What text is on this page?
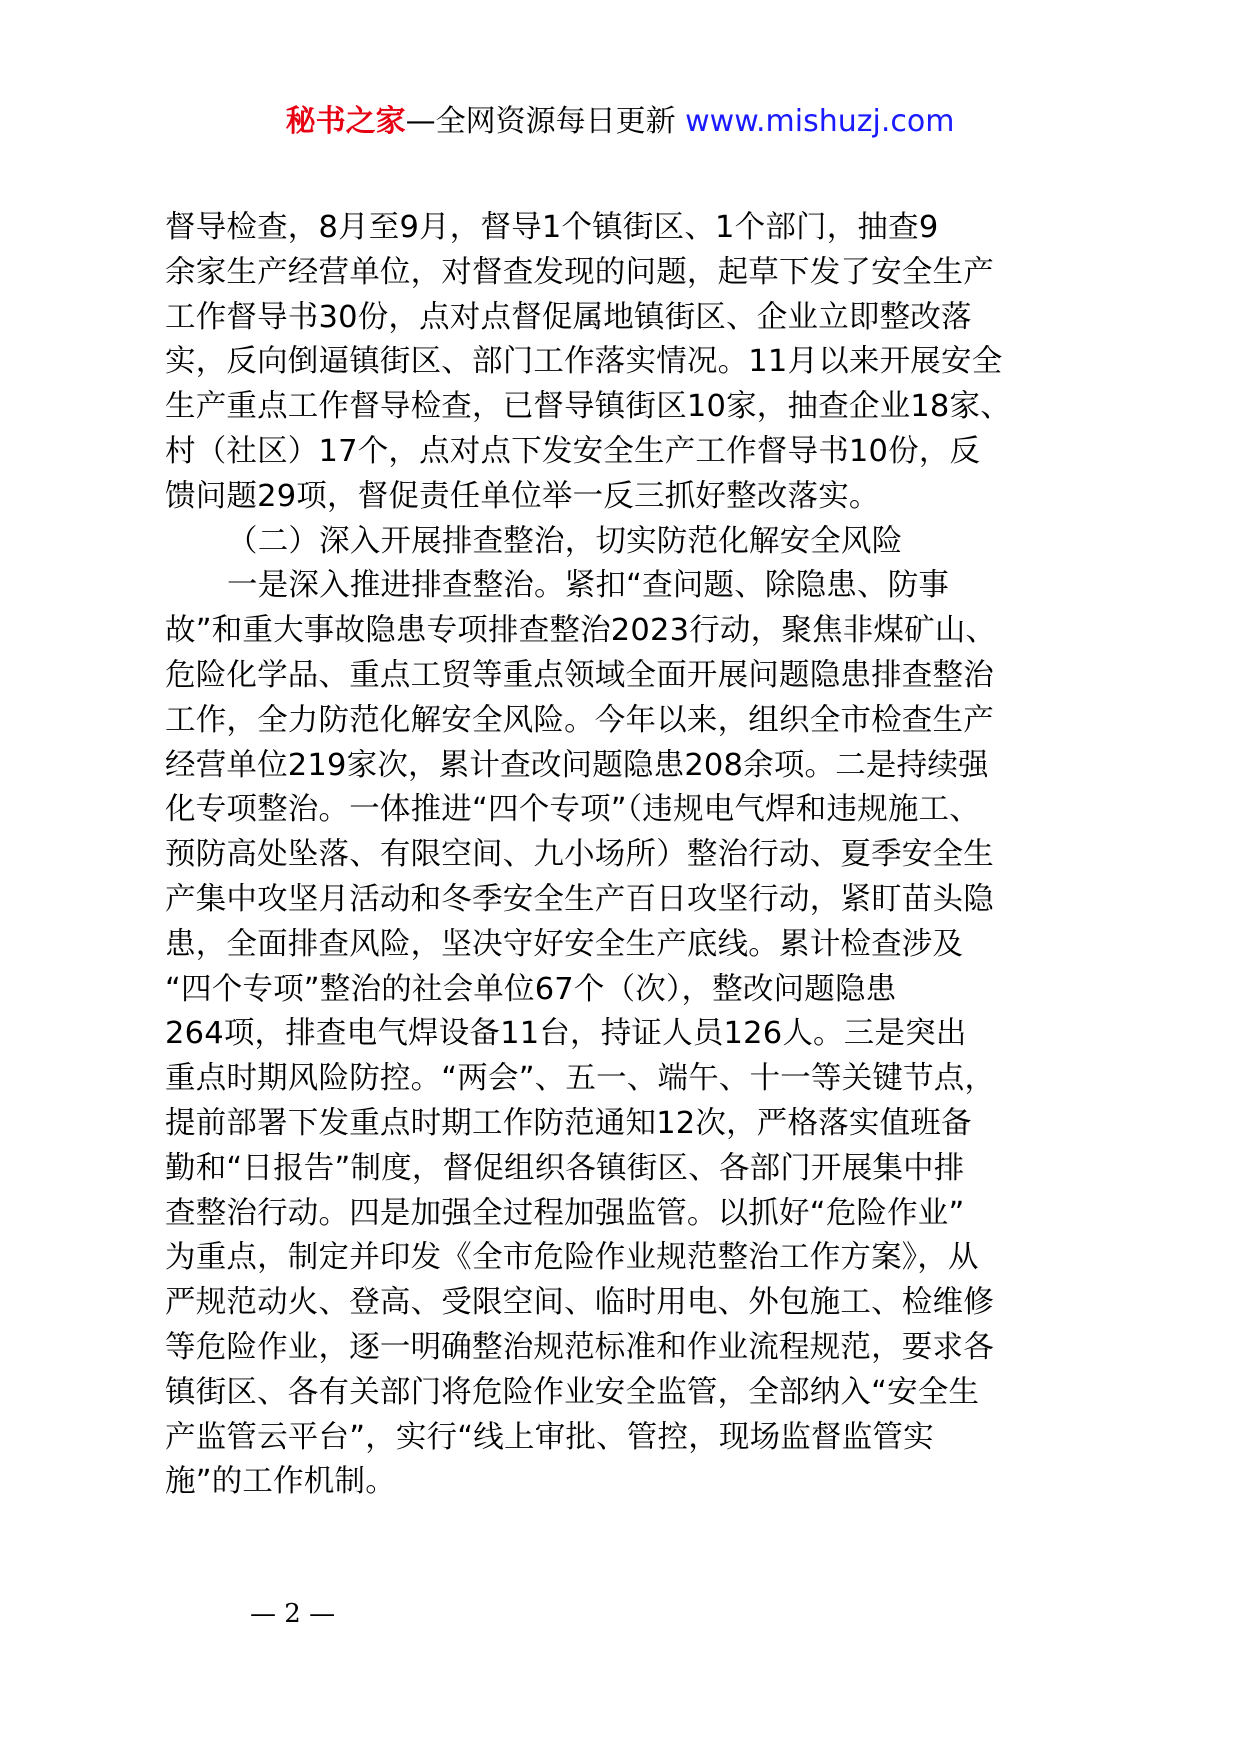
秘书之家—全网资源每日更新 www.mishuzj.com
督导检查，8月至9月，督导1个镇街区、1个部门，抽查9
余家生产经营单位，对督查发现的问题，起草下发了安全生产
工作督导书30份，点对点督促属地镇街区、企业立即整改落
实，反向倒逼镇街区、部门工作落实情况。11月以来开展安全
生产重点工作督导检查，已督导镇街区10家，抽查企业18家、
村（社区）17个，点对点下发安全生产工作督导书10份，反
馈问题29项，督促责任单位举一反三抓好整改落实。
（二）深入开展排查整治，切实防范化解安全风险
一是深入推进排查整治。紧扣“查问题、除隐患、防事
故”和重大事故隐患专项排查整治2023行动，聚焦非煤矿山、
危险化学品、重点工贸等重点领域全面开展问题隐患排查整治
工作，全力防范化解安全风险。今年以来，组织全市检查生产
经营单位219家次，累计查改问题隐患208余项。二是持续强
化专项整治。一体推进“四个专项”（违规电气焊和违规施工、
预防高处坠落、有限空间、九小场所）整治行动、夏季安全生
产集中攻坚月活动和冬季安全生产百日攻坚行动，紧盯苗头隐
患，全面排查风险，坚决守好安全生产底线。累计检查涉及
“四个专项”整治的社会单位67个（次），整改问题隐患
264项，排查电气焊设备11台，持证人员126人。三是突出
重点时期风险防控。“两会”、五一、端午、十一等关键节点，
提前部署下发重点时期工作防范通知12次，严格落实值班备
勤和“日报告”制度，督促组织各镇街区、各部门开展集中排
查整治行动。四是加强全过程加强监管。以抓好“危险作业”
为重点，制定并印发《全市危险作业规范整治工作方案》，从
严规范动火、登高、受限空间、临时用电、外包施工、检维修
等危险作业，逐一明确整治规范标准和作业流程规范，要求各
镇街区、各有关部门将危险作业安全监管，全部纳入“安全生
产监管云平台”，实行“线上审批、管控，现场监督监管实
施”的工作机制。
— 2 —
